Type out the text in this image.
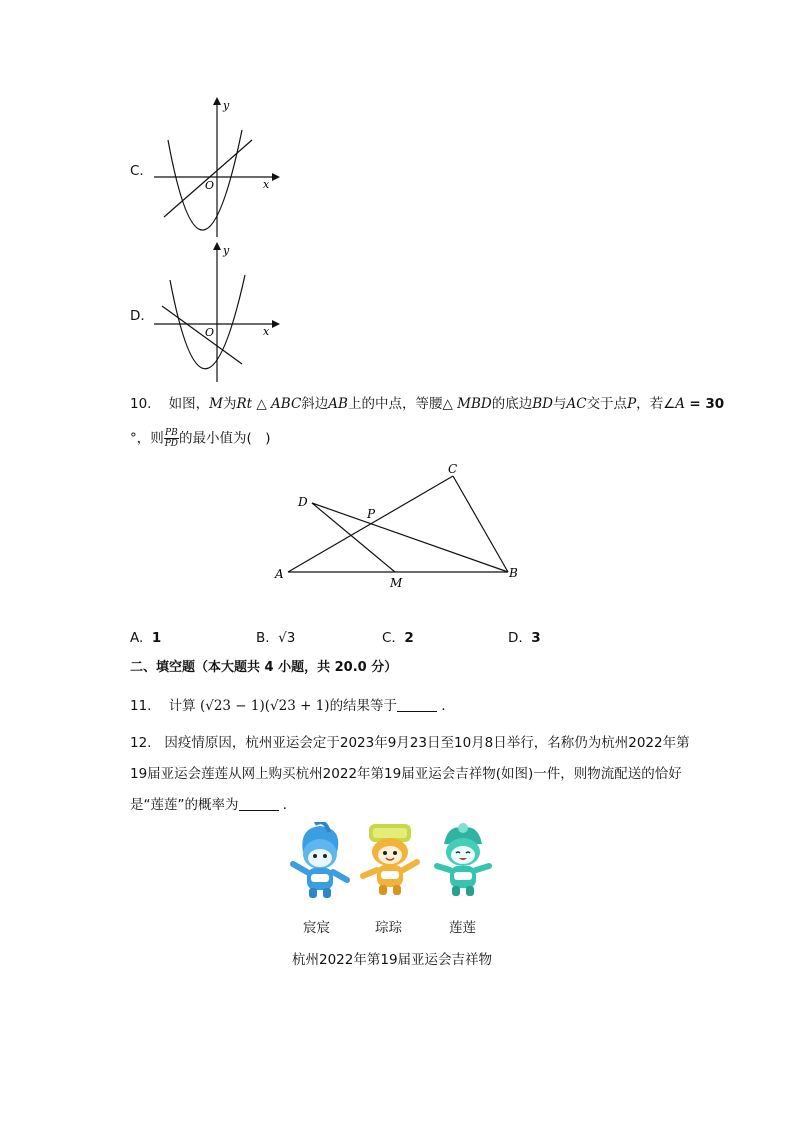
C.
y
x
O
D.
y
x
O
10. 如图，M为Rt △ ABC斜边AB上的中点，等腰△ MBD的底边BD与AC交于点P，若∠A = 30
°，则 $\frac{PB}{PD}$ 的最小值为(　)
A	B
C
D
P
M
A. 1	B. √3	C. 2	D. 3
二、填空题（本大题共 4 小题，共 20.0 分）
11. 计算 (√23 − 1)(√23 + 1)的结果等于	．
12. 因疫情原因，杭州亚运会定于2023年9月23日至10月8日举行，名称仍为杭州2022年第
19届亚运会莲莲从网上购买杭州2022年第19届亚运会吉祥物(如图)一件，则物流配送的恰好
是“莲莲”的概率为	．
宸宸	琮琮	莲莲
杭州2022年第19届亚运会吉祥物
